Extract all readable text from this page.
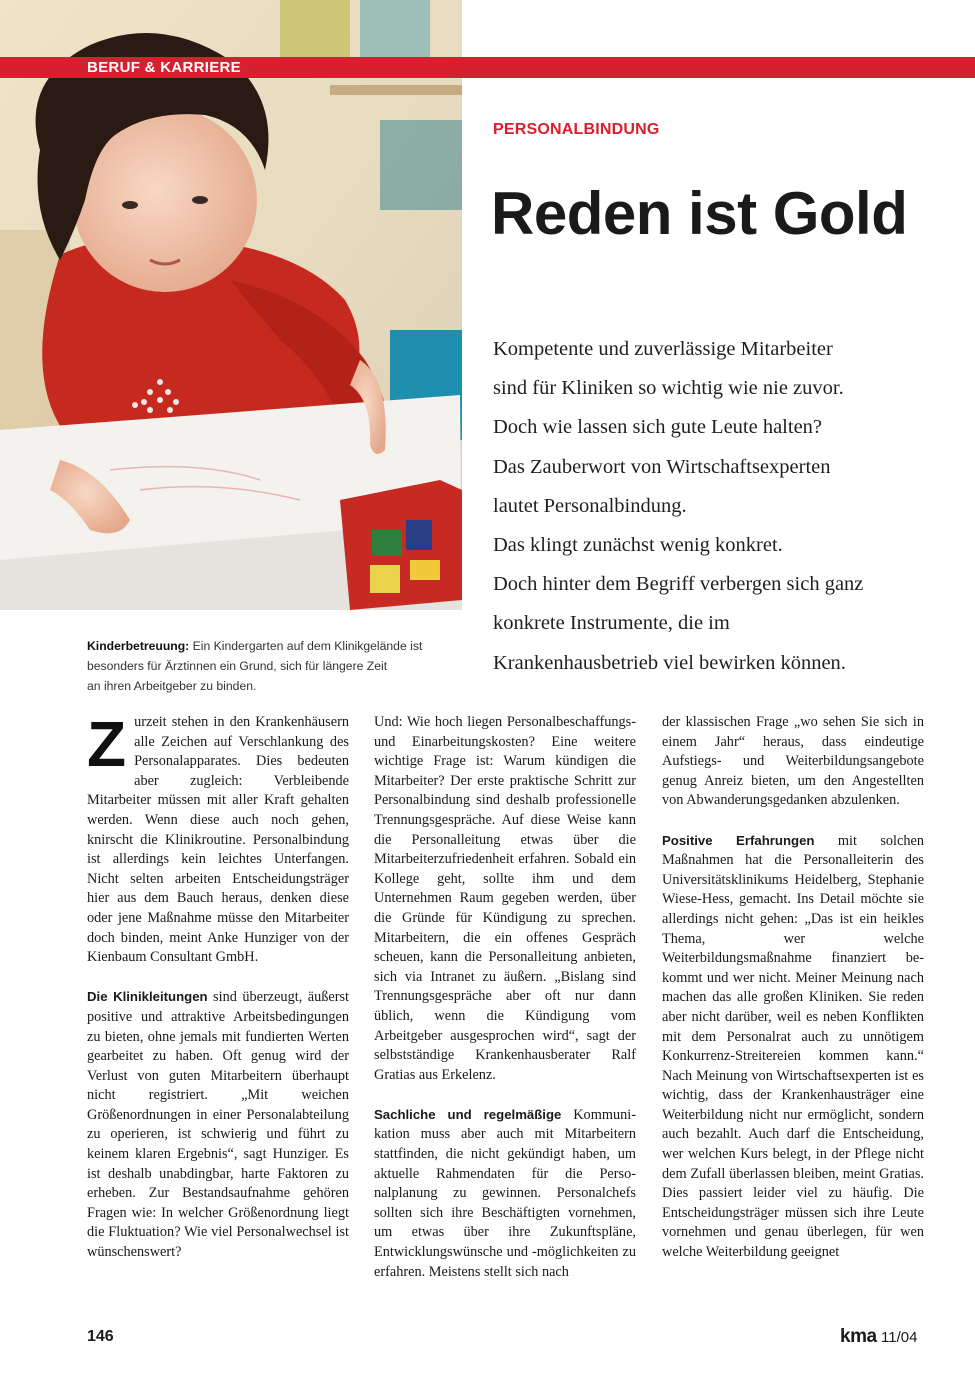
BERUF & KARRIERE
PERSONALBINDUNG
Reden ist Gold
Kompetente und zuverlässige Mitarbeiter
sind für Kliniken so wichtig wie nie zuvor.
Doch wie lassen sich gute Leute halten?
Das Zauberwort von Wirtschaftsexperten
lautet Personalbindung.
Das klingt zunächst wenig konkret.
Doch hinter dem Begriff verbergen sich ganz
konkrete Instrumente, die im
Krankenhausbetrieb viel bewirken können.
Kinderbetreuung: Ein Kindergarten auf dem Klinikgelände ist
besonders für Ärztinnen ein Grund, sich für längere Zeit
an ihren Arbeitgeber zu binden.

Zurzeit stehen in den Krankenhäusern alle Zeichen auf Verschlankung des Personalapparates. Dies bedeuten aber zugleich: Verbleibende Mitarbeiter müssen mit aller Kraft gehalten werden. Wenn diese auch noch gehen, knirscht die Klinikroutine. Personalbindung ist allerdings kein leichtes Unterfangen. Nicht selten arbeiten Entscheidungsträger hier aus dem Bauch heraus, denken diese oder jene Maßnahme müsse den Mitarbeiter doch binden, meint Anke Hunziger von der Kienbaum Consultant GmbH.

Die Klinikleitungen sind überzeugt, äußerst positive und attraktive Arbeitsbedingungen zu bieten, ohne jemals mit fundierten Werten gearbeitet zu haben. Oft genug wird der Verlust von guten Mitarbeitern überhaupt nicht registriert. „Mit weichen Größenordnungen in einer Personalabteilung zu operieren, ist schwierig und führt zu keinem klaren Ergebnis“, sagt Hunziger. Es ist deshalb unabdingbar, harte Faktoren zu erheben. Zur Bestandsaufnahme gehören Fragen wie: In welcher Größenordnung liegt die Fluktuation? Wie viel Personalwechsel ist wünschenswert?

Und: Wie hoch liegen Personalbeschaffungs- und Einarbeitungskosten? Eine weitere wichtige Frage ist: Warum kündigen die Mitarbeiter? Der erste praktische Schritt zur Personalbindung sind deshalb professionelle Trennungsgespräche. Auf diese Weise kann die Personalleitung etwas über die Mitarbeiterzufriedenheit erfahren. Sobald ein Kollege geht, sollte ihm und dem Unternehmen Raum gegeben werden, über die Gründe für Kündigung zu sprechen. Mitarbeitern, die ein offenes Gespräch scheuen, kann die Personalleitung anbieten, sich via Intranet zu äußern. „Bislang sind Trennungsgespräche aber oft nur dann üblich, wenn die Kündigung vom Arbeitgeber ausgesprochen wird“, sagt der selbstständige Krankenhausberater Ralf Gratias aus Erkelenz.

Sachliche und regelmäßige Kommunikation muss aber auch mit Mitarbeitern stattfinden, die nicht gekündigt haben, um aktuelle Rahmendaten für die Personalplanung zu gewinnen. Personalchefs sollten sich ihre Beschäftigten vornehmen, um etwas über ihre Zukunftspläne, Entwicklungswünsche und -möglichkeiten zu erfahren. Meistens stellt sich nach

der klassischen Frage „wo sehen Sie sich in einem Jahr“ heraus, dass eindeutige Aufstiegs- und Weiterbildungsangebote genug Anreiz bieten, um den Angestellten von Abwanderungsgedanken abzulenken.

Positive Erfahrungen mit solchen Maßnahmen hat die Personalleiterin des Universitätsklinikums Heidelberg, Stephanie Wiese-Hess, gemacht. Ins Detail möchte sie allerdings nicht gehen: „Das ist ein heikles Thema, wer welche Weiterbildungsmaßnahme finanziert bekommt und wer nicht. Meiner Meinung nach machen das alle großen Kliniken. Sie reden aber nicht darüber, weil es neben Konflikten mit dem Personalrat auch zu unnötigem Konkurrenz-Streitereien kommen kann.“ Nach Meinung von Wirtschaftsexperten ist es wichtig, dass der Krankenhausträger eine Weiterbildung nicht nur ermöglicht, sondern auch bezahlt. Auch darf die Entscheidung, wer welchen Kurs belegt, in der Pflege nicht dem Zufall überlassen bleiben, meint Gratias. Dies passiert leider viel zu häufig. Die Entscheidungsträger müssen sich ihre Leute vornehmen und genau überlegen, für wen welche Weiterbildung geeignet

146	kma 11/04
